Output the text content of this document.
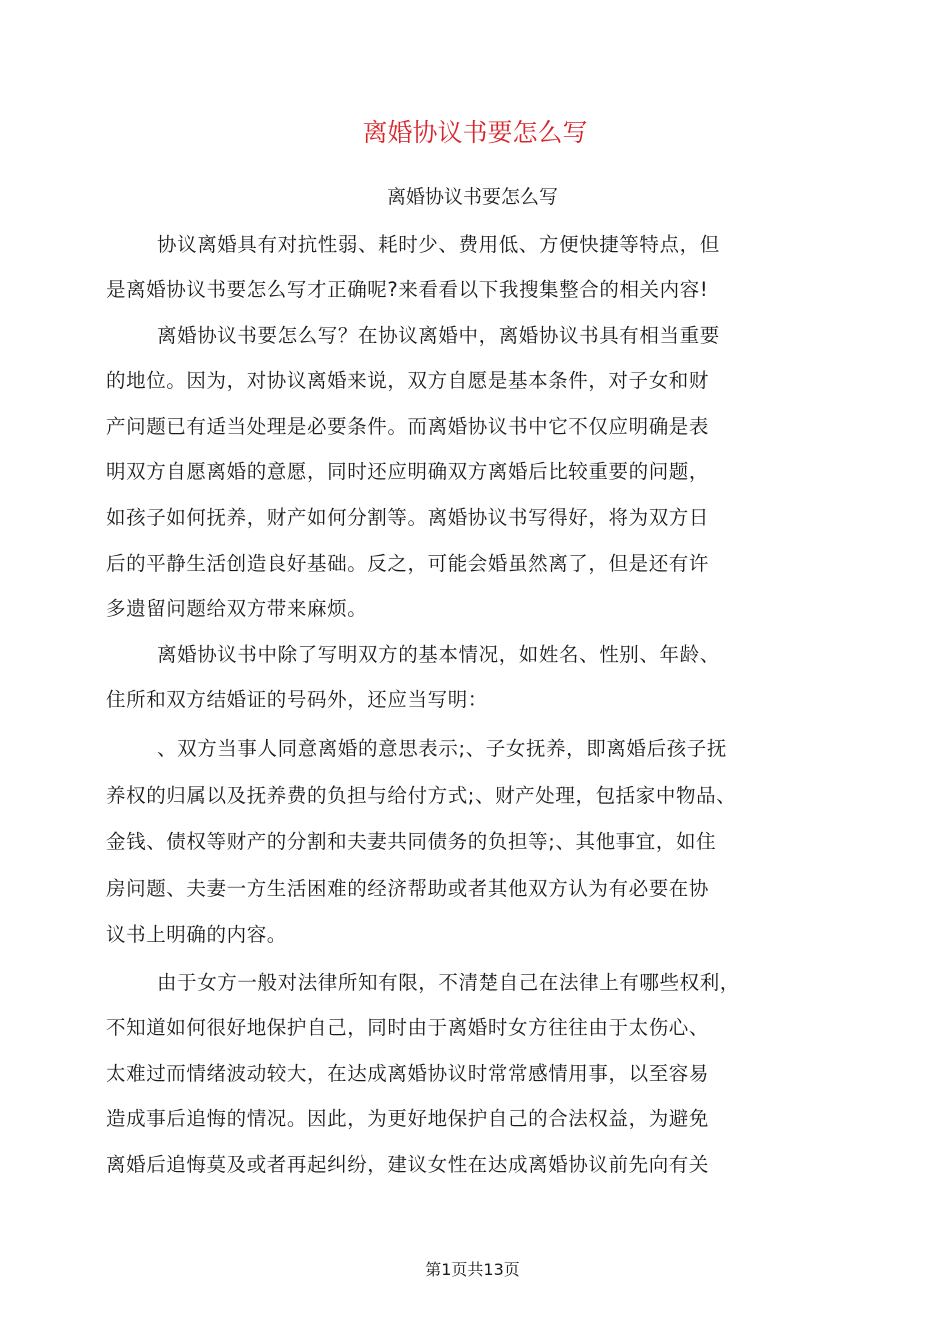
离婚协议书要怎么写
离婚协议书要怎么写
协议离婚具有对抗性弱、耗时少、费用低、方便快捷等特点，但
是离婚协议书要怎么写才正确呢?来看看以下我搜集整合的相关内容!
离婚协议书要怎么写？在协议离婚中，离婚协议书具有相当重要
的地位。因为，对协议离婚来说，双方自愿是基本条件，对子女和财
产问题已有适当处理是必要条件。而离婚协议书中它不仅应明确是表
明双方自愿离婚的意愿，同时还应明确双方离婚后比较重要的问题，
如孩子如何抚养，财产如何分割等。离婚协议书写得好，将为双方日
后的平静生活创造良好基础。反之，可能会婚虽然离了，但是还有许
多遗留问题给双方带来麻烦。
离婚协议书中除了写明双方的基本情况，如姓名、性别、年龄、
住所和双方结婚证的号码外，还应当写明：
、双方当事人同意离婚的意思表示;、子女抚养，即离婚后孩子抚
养权的归属以及抚养费的负担与给付方式;、财产处理，包括家中物品、
金钱、债权等财产的分割和夫妻共同债务的负担等;、其他事宜，如住
房问题、夫妻一方生活困难的经济帮助或者其他双方认为有必要在协
议书上明确的内容。
由于女方一般对法律所知有限，不清楚自己在法律上有哪些权利，
不知道如何很好地保护自己，同时由于离婚时女方往往由于太伤心、
太难过而情绪波动较大，在达成离婚协议时常常感情用事，以至容易
造成事后追悔的情况。因此，为更好地保护自己的合法权益，为避免
离婚后追悔莫及或者再起纠纷，建议女性在达成离婚协议前先向有关
第1页共13页
